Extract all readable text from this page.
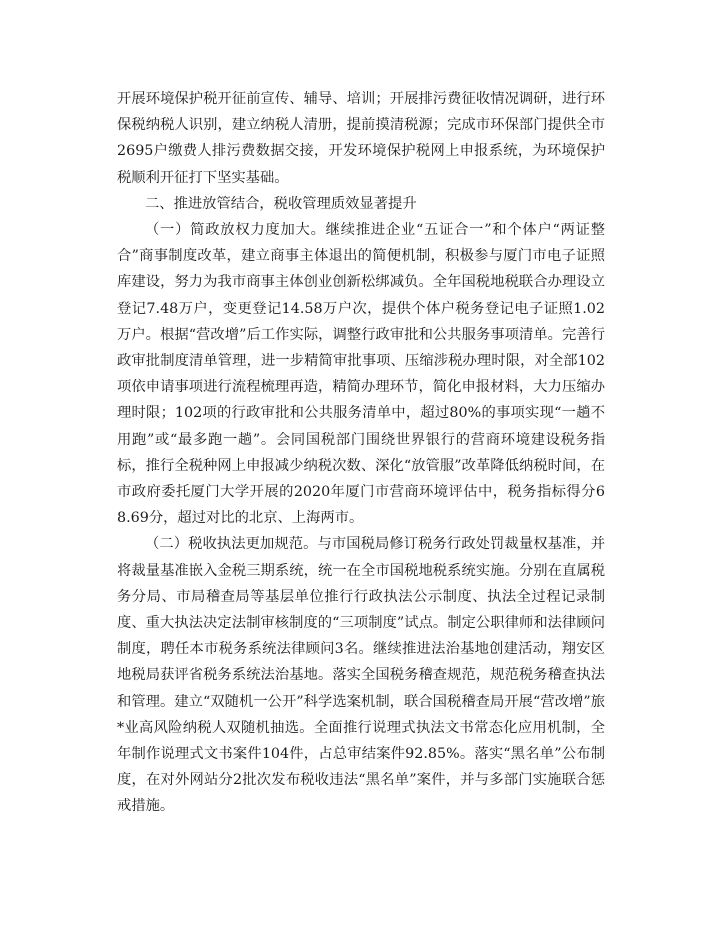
开展环境保护税开征前宣传、辅导、培训；开展排污费征收情况调研，进行环保税纳税人识别，建立纳税人清册，提前摸清税源；完成市环保部门提供全市2695户缴费人排污费数据交接，开发环境保护税网上申报系统，为环境保护税顺利开征打下坚实基础。

二、推进放管结合，税收管理质效显著提升

（一）简政放权力度加大。继续推进企业“五证合一”和个体户“两证整合”商事制度改革，建立商事主体退出的简便机制，积极参与厦门市电子证照库建设，努力为我市商事主体创业创新松绑减负。全年国税地税联合办理设立登记7.48万户，变更登记14.58万户次，提供个体户税务登记电子证照1.02万户。根据“营改增”后工作实际，调整行政审批和公共服务事项清单。完善行政审批制度清单管理，进一步精简审批事项、压缩涉税办理时限，对全部102项依申请事项进行流程梳理再造，精简办理环节，简化申报材料，大力压缩办理时限；102项的行政审批和公共服务清单中，超过80%的事项实现“一趟不用跑”或“最多跑一趟”。会同国税部门围绕世界银行的营商环境建设税务指标，推行全税种网上申报减少纳税次数、深化“放管服”改革降低纳税时间，在市政府委托厦门大学开展的2020年厦门市营商环境评估中，税务指标得分68.69分，超过对比的北京、上海两市。

（二）税收执法更加规范。与市国税局修订税务行政处罚裁量权基准，并将裁量基准嵌入金税三期系统，统一在全市国税地税系统实施。分别在直属税务分局、市局稽查局等基层单位推行行政执法公示制度、执法全过程记录制度、重大执法决定法制审核制度的“三项制度”试点。制定公职律师和法律顾问制度，聘任本市税务系统法律顾问3名。继续推进法治基地创建活动，翔安区地税局获评省税务系统法治基地。落实全国税务稽查规范，规范税务稽查执法和管理。建立“双随机一公开”科学选案机制，联合国税稽查局开展“营改增”旅*业高风险纳税人双随机抽选。全面推行说理式执法文书常态化应用机制，全年制作说理式文书案件104件，占总审结案件92.85%。落实“黑名单”公布制度，在对外网站分2批次发布税收违法“黑名单”案件，并与多部门实施联合惩戒措施。
